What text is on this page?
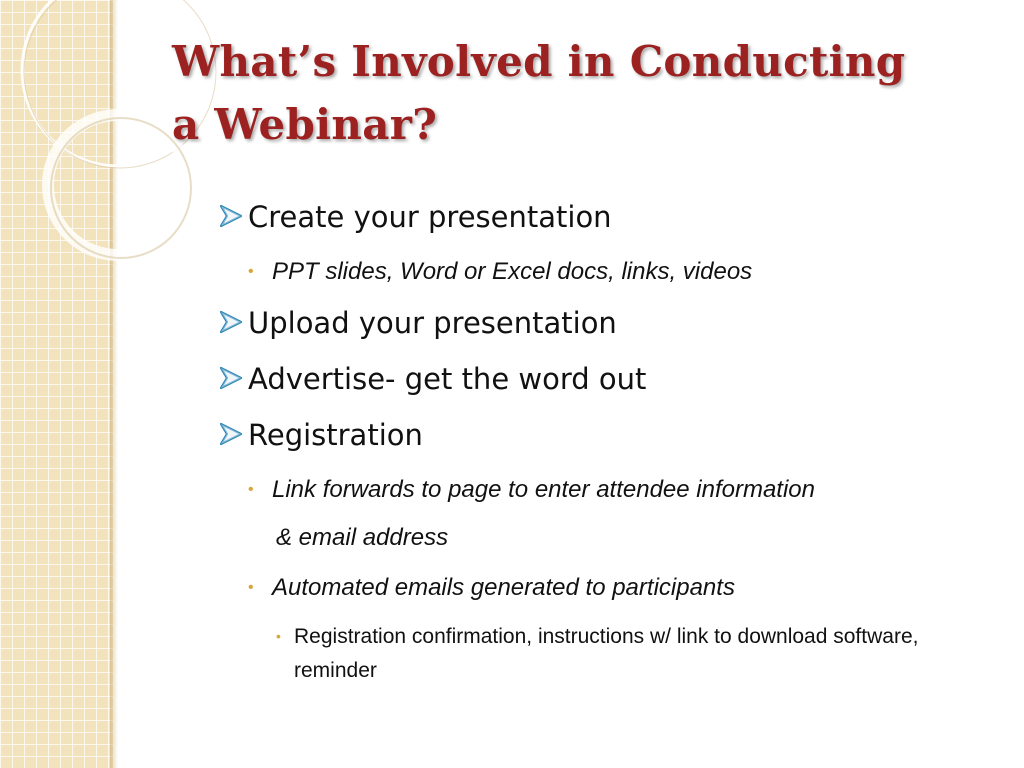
What’s Involved in Conducting
a Webinar?
Create your presentation
• PPT slides, Word or Excel docs, links, videos
Upload your presentation
Advertise- get the word out
Registration
• Link forwards to page to enter attendee information
& email address
• Automated emails generated to participants
• Registration confirmation, instructions w/ link to download software, reminder
